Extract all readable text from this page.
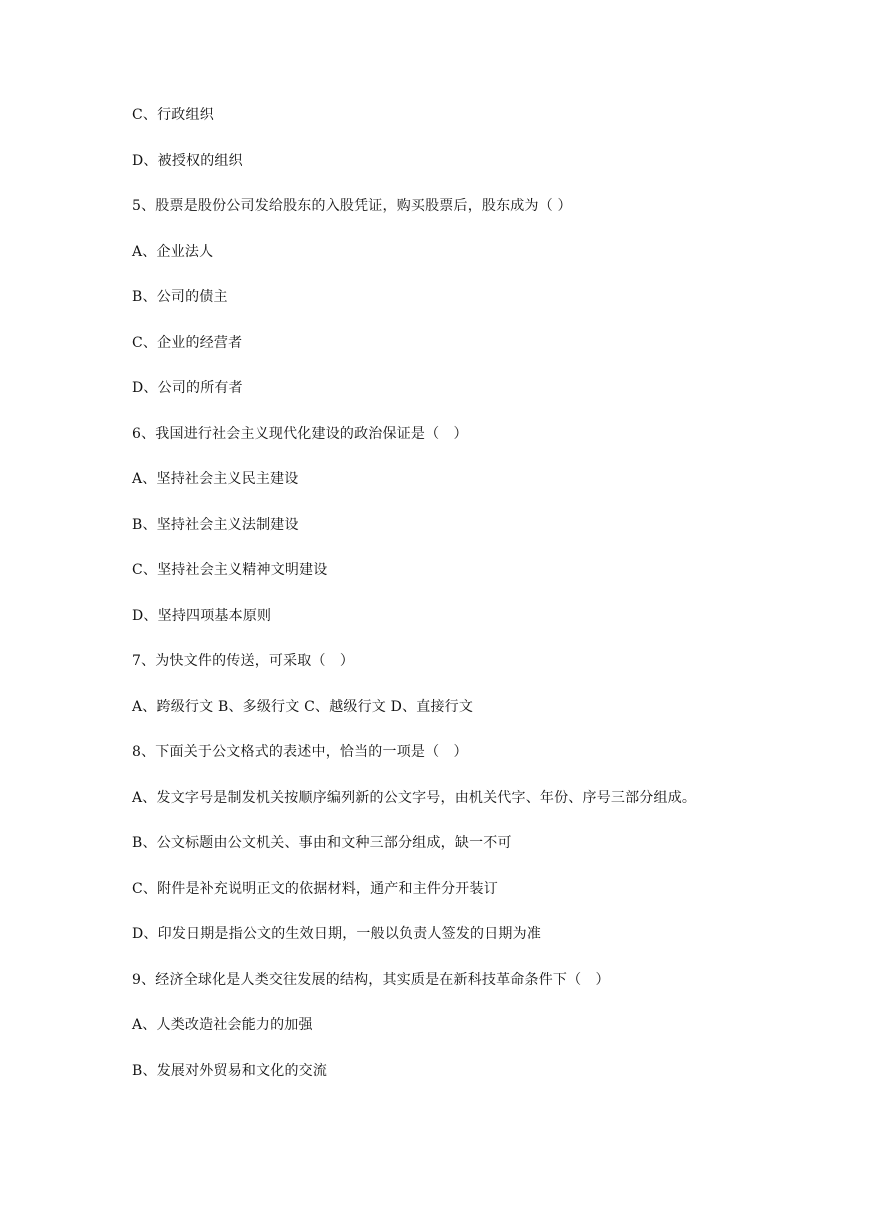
C、行政组织
D、被授权的组织
5、股票是股份公司发给股东的入股凭证，购买股票后，股东成为（ ）
A、企业法人
B、公司的债主
C、企业的经营者
D、公司的所有者
6、我国进行社会主义现代化建设的政治保证是（　）
A、坚持社会主义民主建设
B、坚持社会主义法制建设
C、坚持社会主义精神文明建设
D、坚持四项基本原则
7、为快文件的传送，可采取（　）
A、跨级行文 B、多级行文 C、越级行文 D、直接行文
8、下面关于公文格式的表述中，恰当的一项是（　）
A、发文字号是制发机关按顺序编列新的公文字号，由机关代字、年份、序号三部分组成。
B、公文标题由公文机关、事由和文种三部分组成，缺一不可
C、附件是补充说明正文的依据材料，通产和主件分开装订
D、印发日期是指公文的生效日期，一般以负责人签发的日期为准
9、经济全球化是人类交往发展的结构，其实质是在新科技革命条件下（　）
A、人类改造社会能力的加强
B、发展对外贸易和文化的交流
